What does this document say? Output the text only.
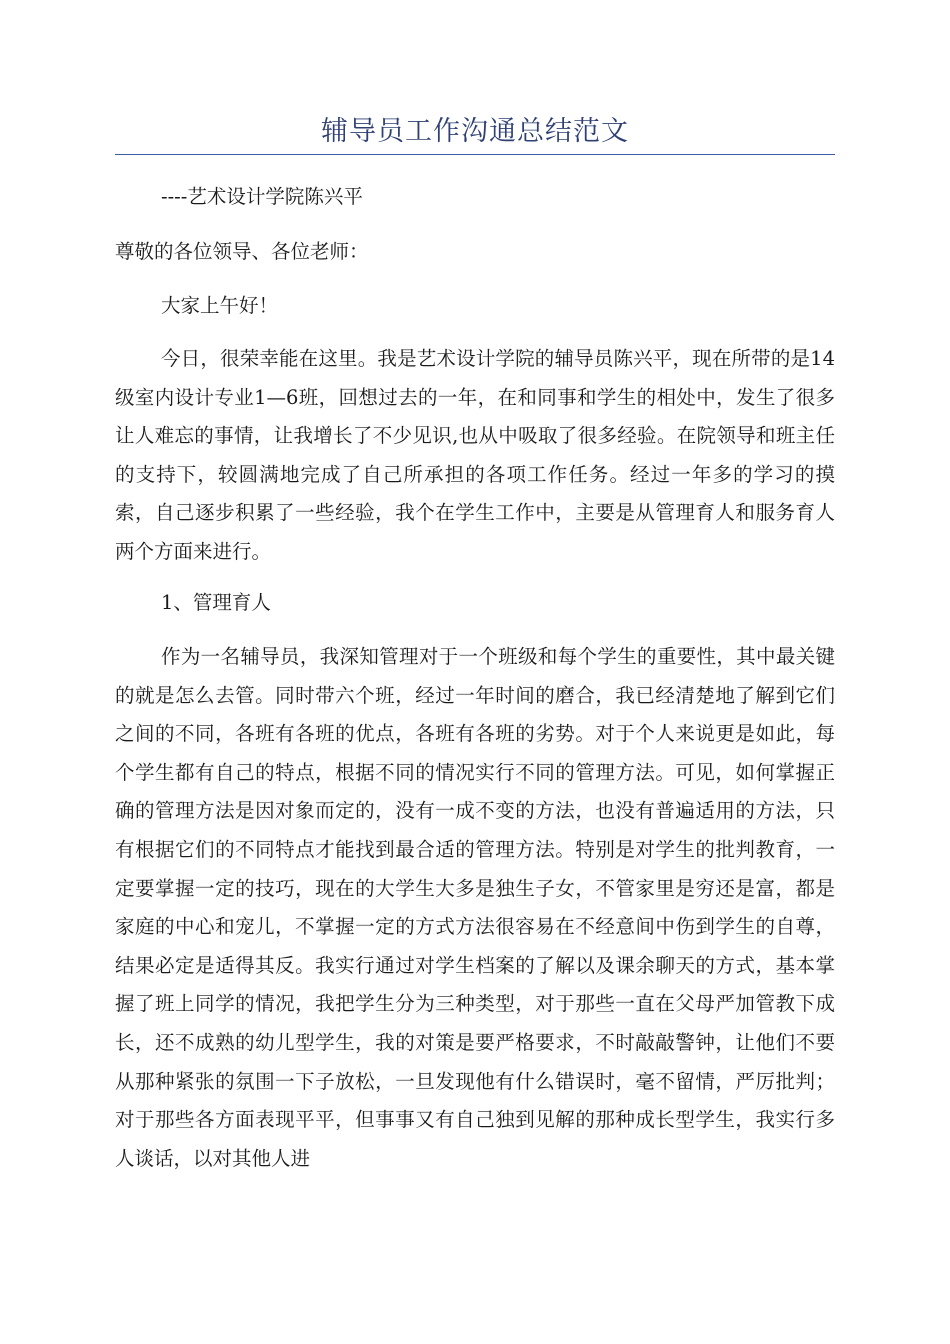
辅导员工作沟通总结范文

----艺术设计学院陈兴平

尊敬的各位领导、各位老师：

大家上午好！

今日，很荣幸能在这里。我是艺术设计学院的辅导员陈兴平，现在所带的是14级室内设计专业1—6班，回想过去的一年，在和同事和学生的相处中，发生了很多让人难忘的事情，让我增长了不少见识,也从中吸取了很多经验。在院领导和班主任的支持下，较圆满地完成了自己所承担的各项工作任务。经过一年多的学习的摸索，自己逐步积累了一些经验，我个在学生工作中，主要是从管理育人和服务育人两个方面来进行。

1、管理育人

作为一名辅导员，我深知管理对于一个班级和每个学生的重要性，其中最关键的就是怎么去管。同时带六个班，经过一年时间的磨合，我已经清楚地了解到它们之间的不同，各班有各班的优点，各班有各班的劣势。对于个人来说更是如此，每个学生都有自己的特点，根据不同的情况实行不同的管理方法。可见，如何掌握正确的管理方法是因对象而定的，没有一成不变的方法，也没有普遍适用的方法，只有根据它们的不同特点才能找到最合适的管理方法。特别是对学生的批判教育，一定要掌握一定的技巧，现在的大学生大多是独生子女，不管家里是穷还是富，都是家庭的中心和宠儿，不掌握一定的方式方法很容易在不经意间中伤到学生的自尊，结果必定是适得其反。我实行通过对学生档案的了解以及课余聊天的方式，基本掌握了班上同学的情况，我把学生分为三种类型，对于那些一直在父母严加管教下成长，还不成熟的幼儿型学生，我的对策是要严格要求，不时敲敲警钟，让他们不要从那种紧张的氛围一下子放松，一旦发现他有什么错误时，毫不留情，严厉批判；对于那些各方面表现平平，但事事又有自己独到见解的那种成长型学生，我实行多人谈话，以对其他人进
